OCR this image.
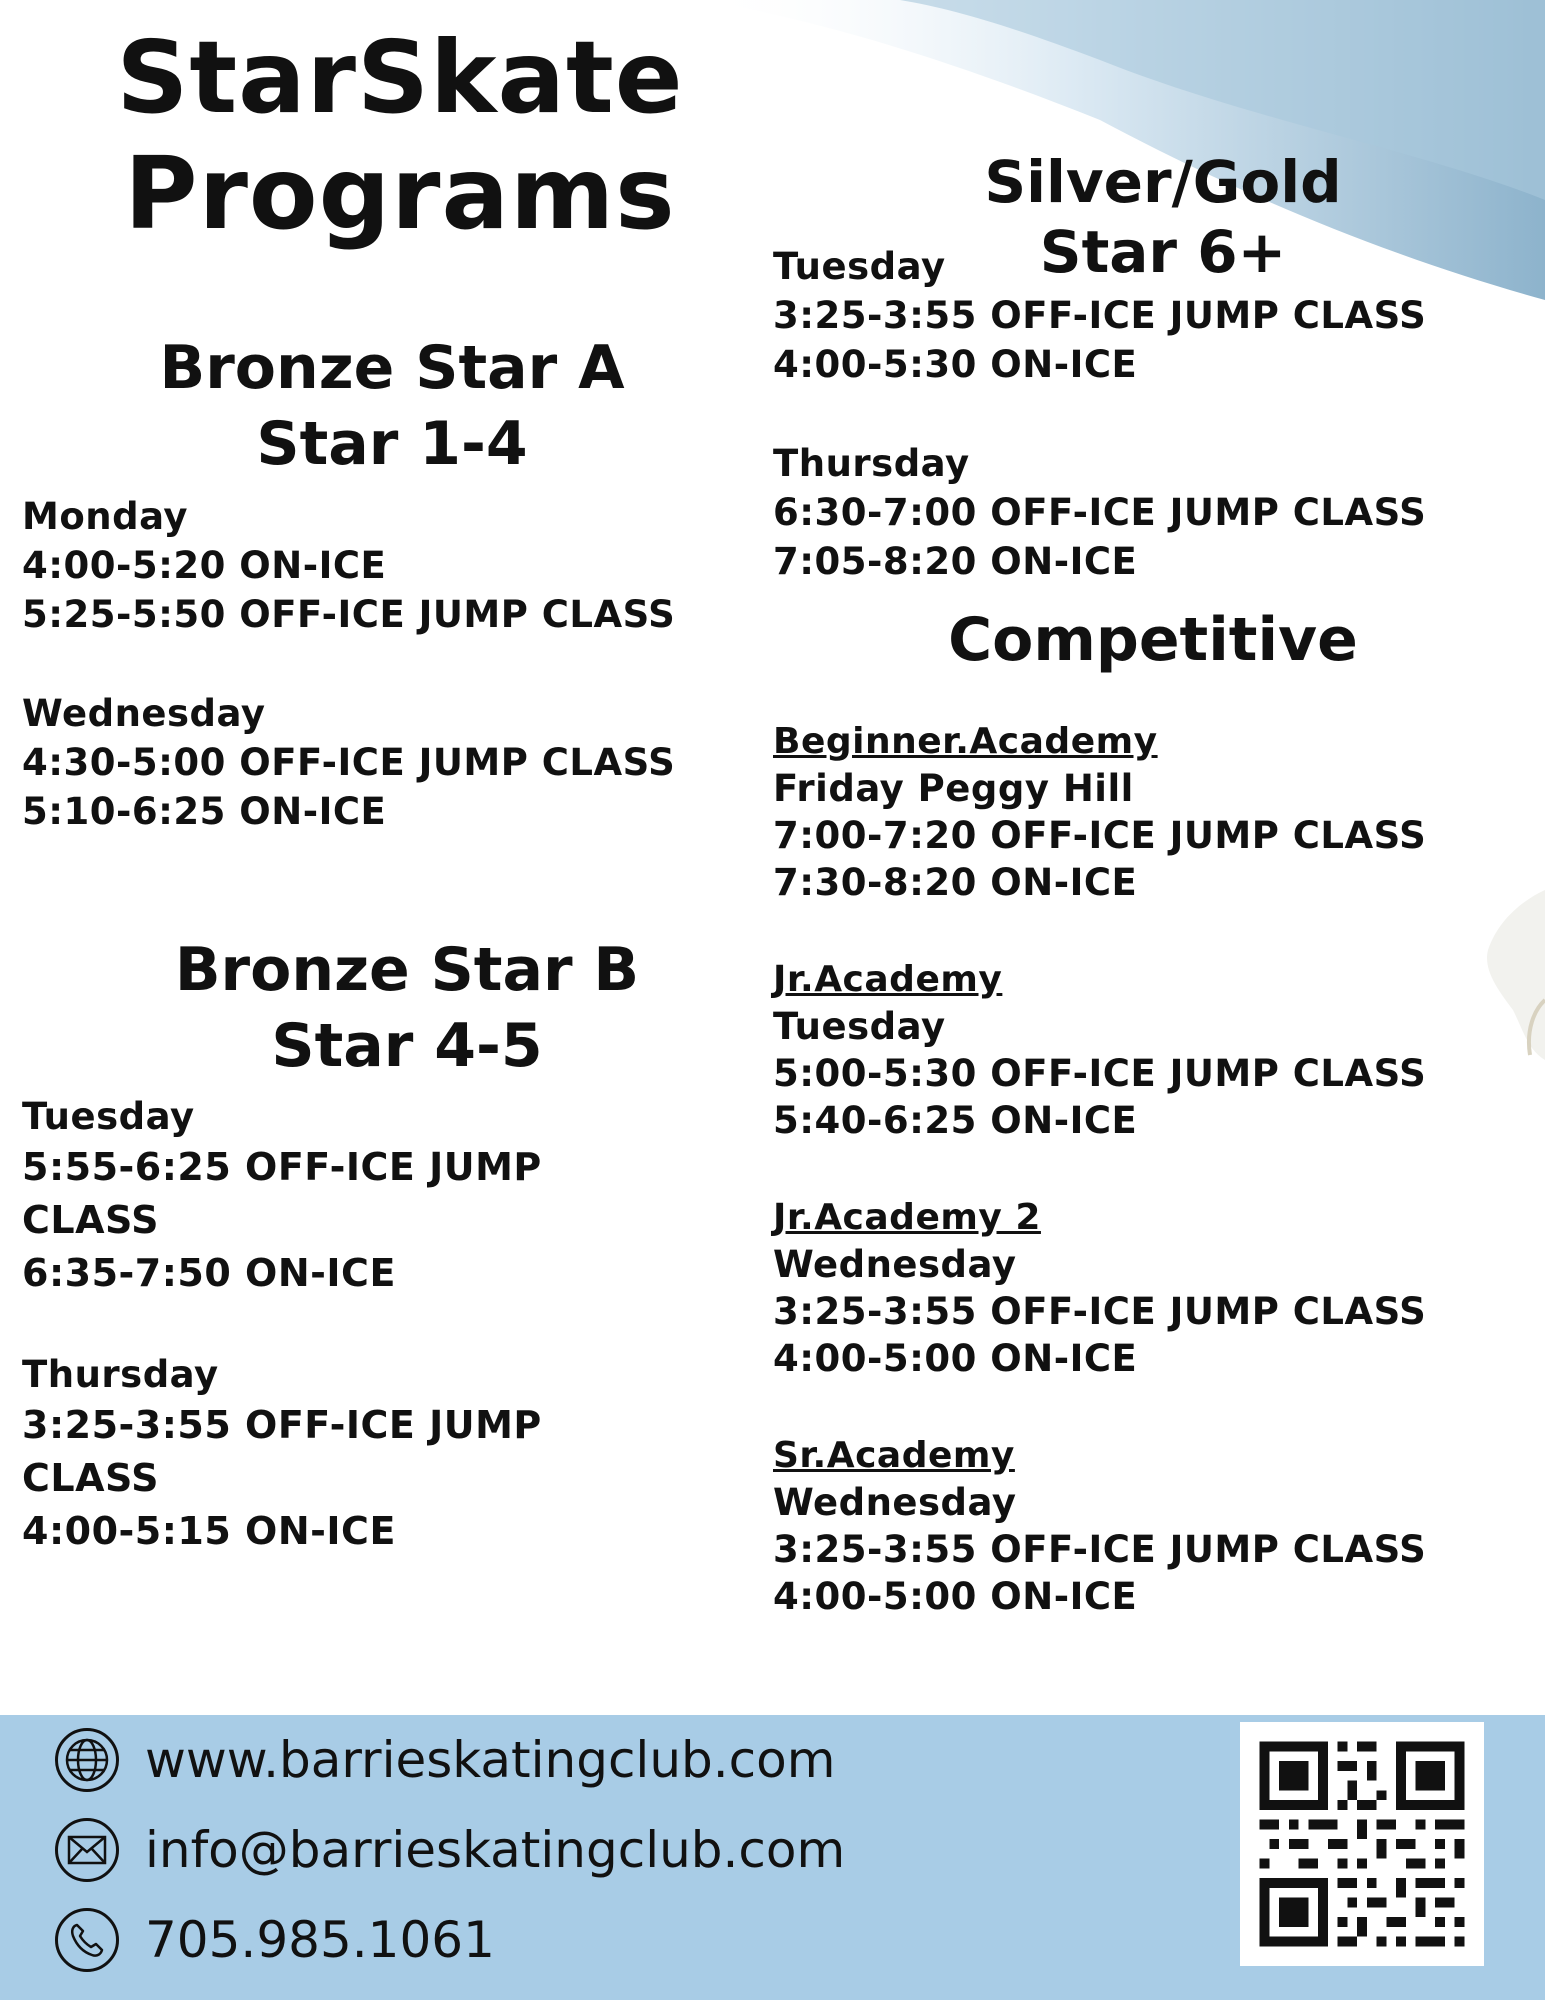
StarSkate
Programs
Bronze Star A
Star 1-4
Monday
4:00-5:20 ON-ICE
5:25-5:50 OFF-ICE JUMP CLASS
Wednesday
4:30-5:00 OFF-ICE JUMP CLASS
5:10-6:25 ON-ICE
Bronze Star B
Star 4-5
Tuesday
5:55-6:25 OFF-ICE JUMP
CLASS
6:35-7:50 ON-ICE
Thursday
3:25-3:55 OFF-ICE JUMP
CLASS
4:00-5:15 ON-ICE
Silver/Gold
Star 6+
Tuesday
3:25-3:55 OFF-ICE JUMP CLASS
4:00-5:30 ON-ICE
Thursday
6:30-7:00 OFF-ICE JUMP CLASS
7:05-8:20 ON-ICE
Competitive
Beginner.Academy
Friday Peggy Hill
7:00-7:20 OFF-ICE JUMP CLASS
7:30-8:20 ON-ICE
Jr.Academy
Tuesday
5:00-5:30 OFF-ICE JUMP CLASS
5:40-6:25 ON-ICE
Jr.Academy 2
Wednesday
3:25-3:55 OFF-ICE JUMP CLASS
4:00-5:00 ON-ICE
Sr.Academy
Wednesday
3:25-3:55 OFF-ICE JUMP CLASS
4:00-5:00 ON-ICE
www.barrieskatingclub.com
info@barrieskatingclub.com
705.985.1061
